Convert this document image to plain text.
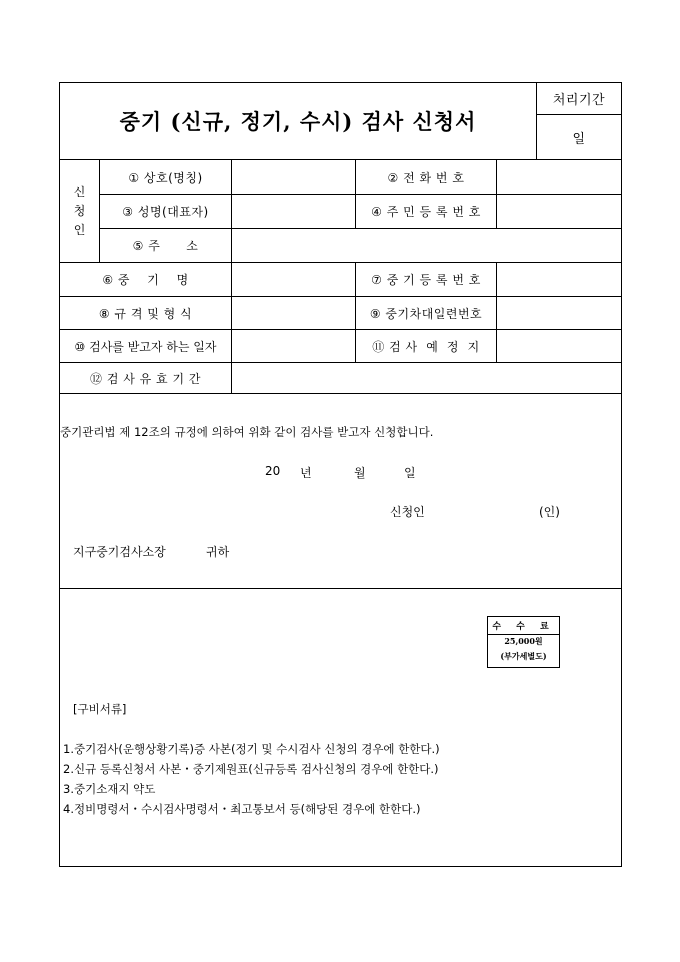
중기 (신규, 정기, 수시) 검사 신청서
처리기간
일
신
청
인
① 상호(명칭)	② 전 화 번 호
③ 성명(대표자)	④ 주 민 등 록 번 호
⑤ 주      소
⑥ 중    기    명	⑦ 중 기 등 록 번 호
⑧ 규 격 및 형 식	⑨ 중기차대일련번호
⑩ 검사를 받고자 하는 일자	⑪ 검 사  예  정  지
⑫ 검 사 유 효 기 간
중기관리법 제 12조의 규정에 의하여 위화 같이 검사를 받고자 신청합니다.
20 년	월	일
신청인	(인)
지구중기검사소장	귀하
수 수 료
25,000원
(부가세별도)
[구비서류]
1.중기검사(운행상황기록)증 사본(정기 및 수시검사 신청의 경우에 한한다.)
2.신규 등록신청서 사본・중기제원표(신규등록 검사신청의 경우에 한한다.)
3.중기소재지 약도
4.정비명령서・수시검사명령서・최고통보서 등(해당된 경우에 한한다.)
